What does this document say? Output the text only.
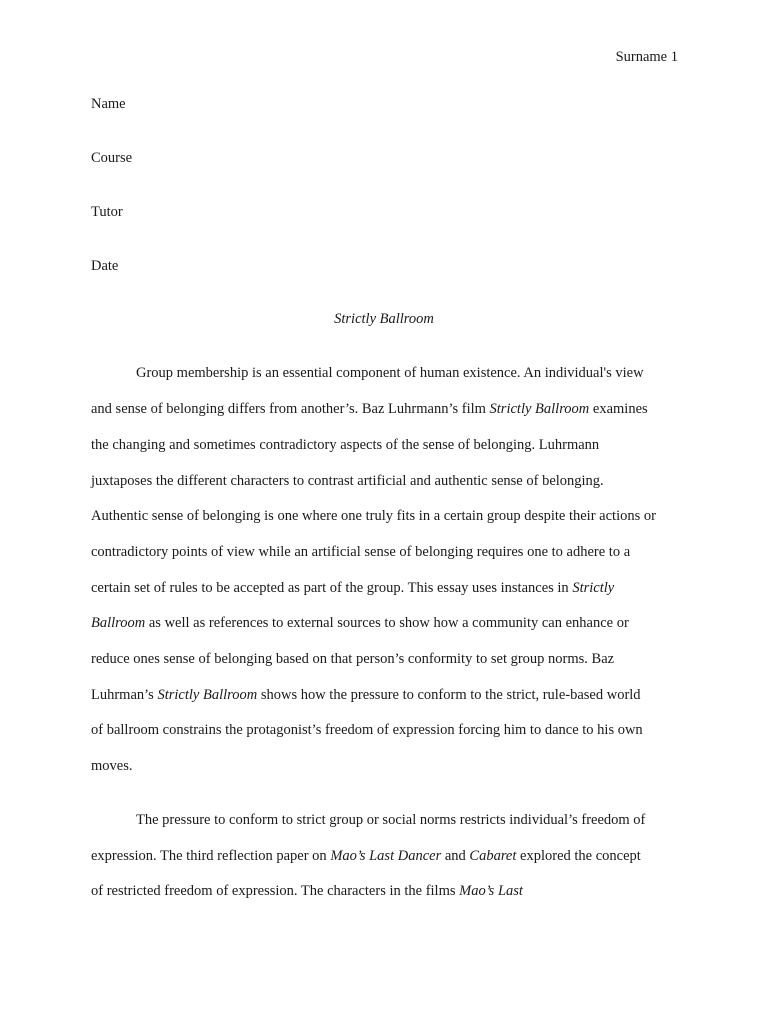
Surname 1
Name
Course
Tutor
Date
Strictly Ballroom
Group membership is an essential component of human existence. An individual's view
and sense of belonging differs from another’s. Baz Luhrmann’s film Strictly Ballroom examines
the changing and sometimes contradictory aspects of the sense of belonging. Luhrmann
juxtaposes the different characters to contrast artificial and authentic sense of belonging.
Authentic sense of belonging is one where one truly fits in a certain group despite their actions or
contradictory points of view while an artificial sense of belonging requires one to adhere to a
certain set of rules to be accepted as part of the group. This essay uses instances in Strictly
Ballroom as well as references to external sources to show how a community can enhance or
reduce ones sense of belonging based on that person’s conformity to set group norms. Baz
Luhrman’s Strictly Ballroom shows how the pressure to conform to the strict, rule-based world
of ballroom constrains the protagonist’s freedom of expression forcing him to dance to his own
moves.
The pressure to conform to strict group or social norms restricts individual’s freedom of
expression. The third reflection paper on Mao’s Last Dancer and Cabaret explored the concept
of restricted freedom of expression. The characters in the films Mao’s Last
